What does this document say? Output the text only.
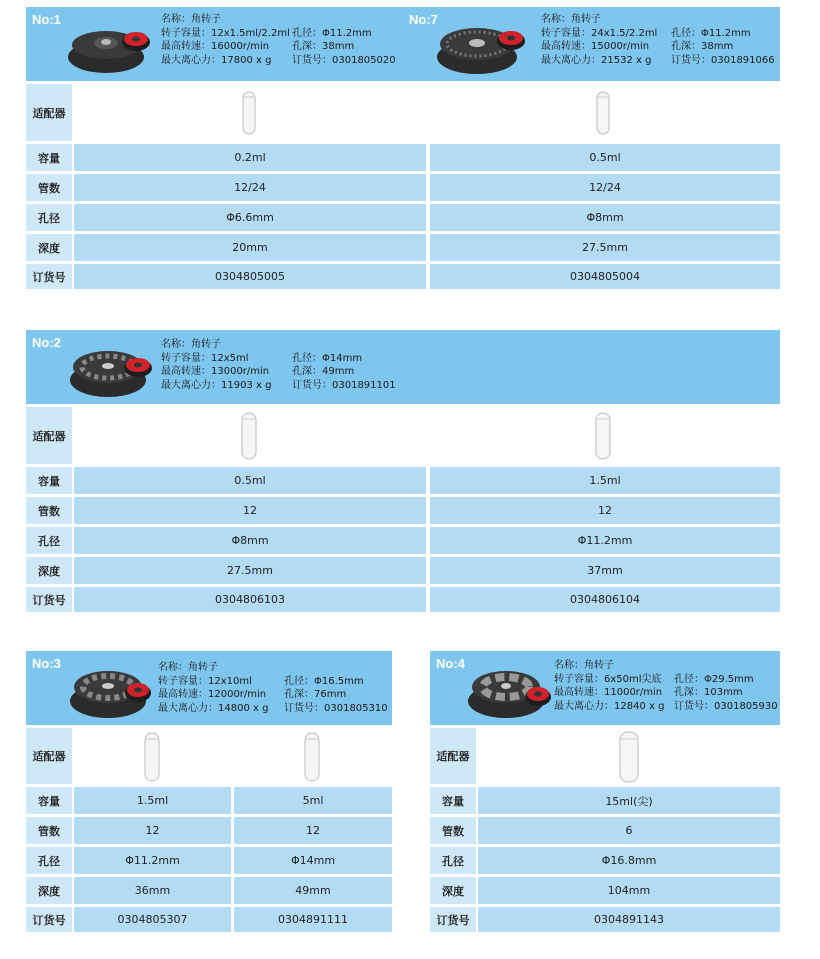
No:1	名称：角转子
转子容量：12x1.5ml/2.2ml
最高转速：16000r/min
最大离心力：17800 x g
孔径：Φ11.2mm
孔深：38mm
订货号：0301805020
No:7	名称：角转子
转子容量：24x1.5/2.2ml
最高转速：15000r/min
最大离心力：21532 x g
孔径：Φ11.2mm
孔深：38mm
订货号：0301891066
适配器
容量	0.2ml	0.5ml
管数	12/24	12/24
孔径	Φ6.6mm	Φ8mm
深度	20mm	27.5mm
订货号	0304805005	0304805004
No:2	名称：角转子
转子容量：12x5ml
最高转速：13000r/min
最大离心力：11903 x g
孔径：Φ14mm
孔深：49mm
订货号：0301891101
适配器
容量	0.5ml	1.5ml
管数	12	12
孔径	Φ8mm	Φ11.2mm
深度	27.5mm	37mm
订货号	0304806103	0304806104
No:3	名称：角转子
转子容量：12x10ml
最高转速：12000r/min
最大离心力：14800 x g
孔径：Φ16.5mm
孔深：76mm
订货号：0301805310
适配器
容量	1.5ml	5ml
管数	12	12
孔径	Φ11.2mm	Φ14mm
深度	36mm	49mm
订货号	0304805307	0304891111
No:4	名称：角转子
转子容量：6x50ml尖底
最高转速：11000r/min
最大离心力：12840 x g
孔径：Φ29.5mm
孔深：103mm
订货号：0301805930
适配器
容量	15ml(尖)
管数	6
孔径	Φ16.8mm
深度	104mm
订货号	0304891143
